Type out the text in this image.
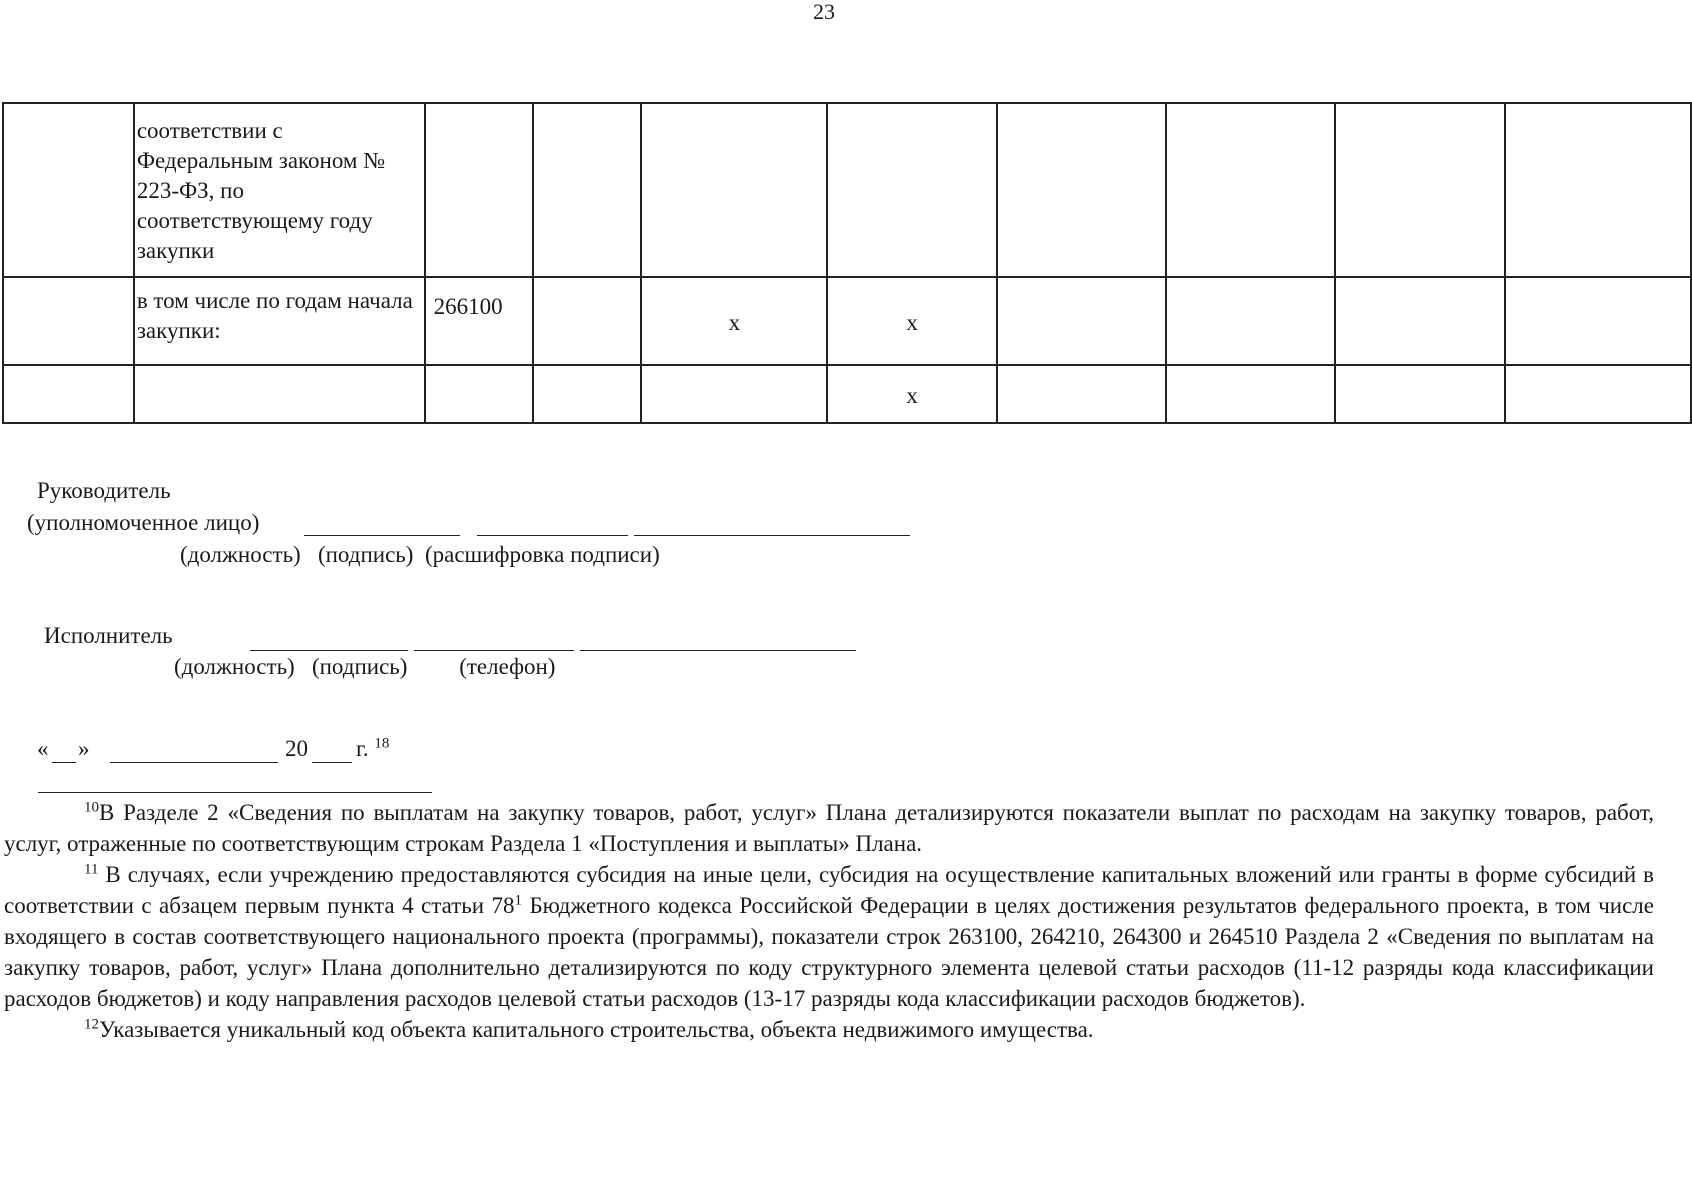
23
	соответствии с Федеральным законом № 223-ФЗ, по соответствующему году закупки								
	в том числе по годам начала закупки:	266100		x	x				
					x				
Руководитель
(уполномоченное лицо)
(должность)   (подпись)  (расшифровка подписи)
Исполнитель
(должность)   (подпись)         (телефон)
« »	20 г. $^{18}$

$^{10}$В Разделе 2 «Сведения по выплатам на закупку товаров, работ, услуг» Плана детализируются показатели выплат по расходам на закупку товаров, работ, услуг, отраженные по соответствующим строкам Раздела 1 «Поступления и выплаты» Плана.

$^{11}$ В случаях, если учреждению предоставляются субсидия на иные цели, субсидия на осуществление капитальных вложений или гранты в форме субсидий в соответствии с абзацем первым пункта 4 статьи $78^1$ Бюджетного кодекса Российской Федерации в целях достижения результатов федерального проекта, в том числе входящего в состав соответствующего национального проекта (программы), показатели строк 263100, 264210, 264300 и 264510 Раздела 2 «Сведения по выплатам на закупку товаров, работ, услуг» Плана дополнительно детализируются по коду структурного элемента целевой статьи расходов (11-12 разряды кода классификации расходов бюджетов) и коду направления расходов целевой статьи расходов (13-17 разряды кода классификации расходов бюджетов).

$^{12}$Указывается уникальный код объекта капитального строительства, объекта недвижимого имущества.
